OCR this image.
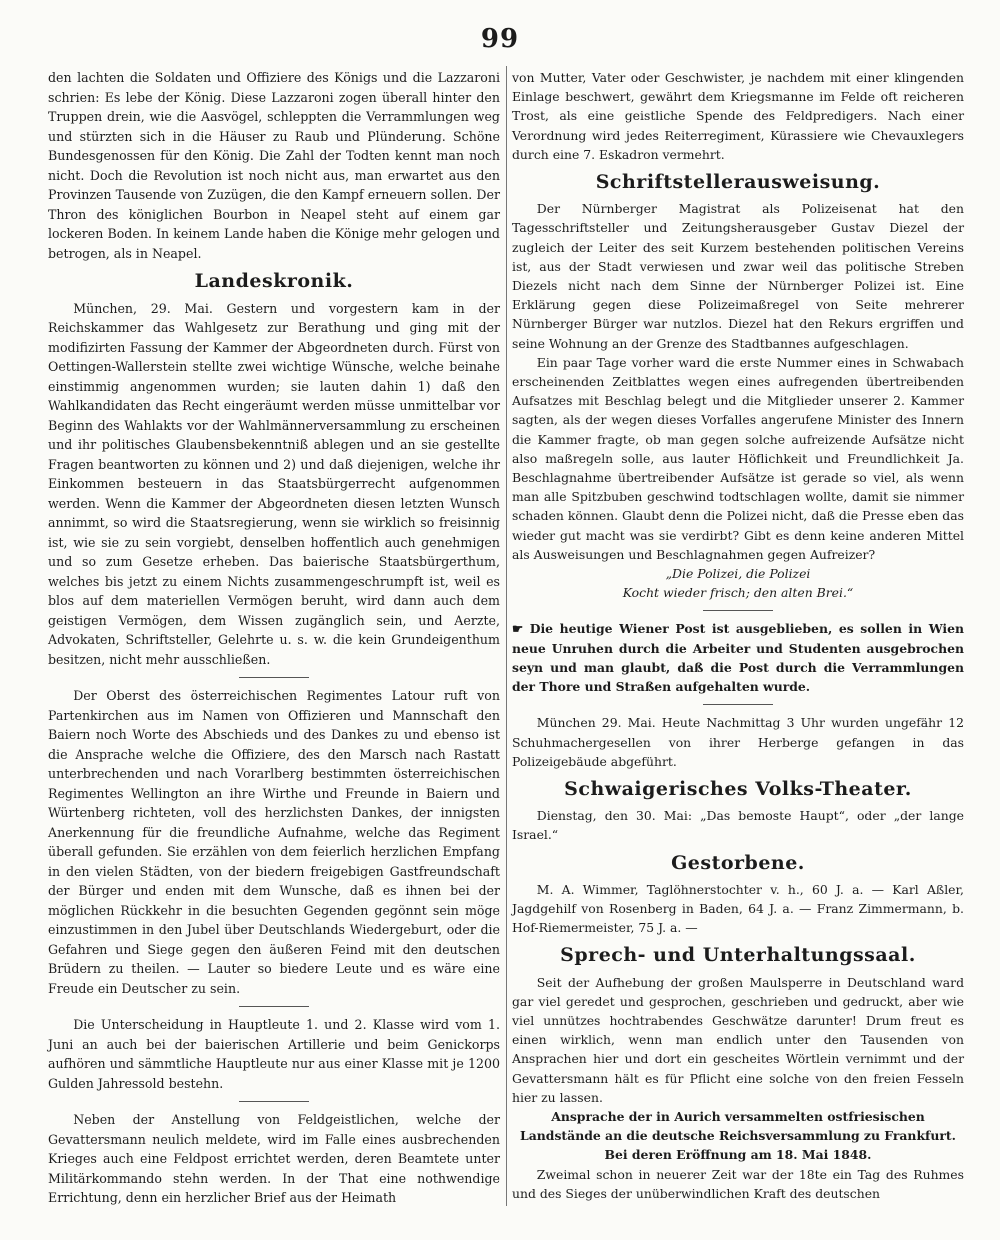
99

den lachten die Soldaten und Offiziere des Königs und die Lazzaroni schrien: Es lebe der König. Diese Lazzaroni zogen überall hinter den Truppen drein, wie die Aasvögel, schleppten die Verrammlungen weg und stürzten sich in die Häuser zu Raub und Plünderung. Schöne Bundesgenossen für den König. Die Zahl der Todten kennt man noch nicht. Doch die Revolution ist noch nicht aus, man erwartet aus den Provinzen Tausende von Zuzügen, die den Kampf erneuern sollen. Der Thron des königlichen Bourbon in Neapel steht auf einem gar lockeren Boden. In keinem Lande haben die Könige mehr gelogen und betrogen, als in Neapel.

Landeskronik.

München, 29. Mai. Gestern und vorgestern kam in der Reichskammer das Wahlgesetz zur Berathung und ging mit der modifizirten Fassung der Kammer der Abgeordneten durch. Fürst von Oettingen-Wallerstein stellte zwei wichtige Wünsche, welche beinahe einstimmig angenommen wurden; sie lauten dahin 1) daß den Wahlkandidaten das Recht eingeräumt werden müsse unmittelbar vor Beginn des Wahlakts vor der Wahlmännerversammlung zu erscheinen und ihr politisches Glaubensbekenntniß ablegen und an sie gestellte Fragen beantworten zu können und 2) und daß diejenigen, welche ihr Einkommen besteuern in das Staatsbürgerrecht aufgenommen werden. Wenn die Kammer der Abgeordneten diesen letzten Wunsch annimmt, so wird die Staatsregierung, wenn sie wirklich so freisinnig ist, wie sie zu sein vorgiebt, denselben hoffentlich auch genehmigen und so zum Gesetze erheben. Das baierische Staatsbürgerthum, welches bis jetzt zu einem Nichts zusammengeschrumpft ist, weil es blos auf dem materiellen Vermögen beruht, wird dann auch dem geistigen Vermögen, dem Wissen zugänglich sein, und Aerzte, Advokaten, Schriftsteller, Gelehrte u. s. w. die kein Grundeigenthum besitzen, nicht mehr ausschließen.

Der Oberst des österreichischen Regimentes Latour ruft von Partenkirchen aus im Namen von Offizieren und Mannschaft den Baiern noch Worte des Abschieds und des Dankes zu und ebenso ist die Ansprache welche die Offiziere, des den Marsch nach Rastatt unterbrechenden und nach Vorarlberg bestimmten österreichischen Regimentes Wellington an ihre Wirthe und Freunde in Baiern und Würtenberg richteten, voll des herzlichsten Dankes, der innigsten Anerkennung für die freundliche Aufnahme, welche das Regiment überall gefunden. Sie erzählen von dem feierlich herzlichen Empfang in den vielen Städten, von der biedern freigebigen Gastfreundschaft der Bürger und enden mit dem Wunsche, daß es ihnen bei der möglichen Rückkehr in die besuchten Gegenden gegönnt sein möge einzustimmen in den Jubel über Deutschlands Wiedergeburt, oder die Gefahren und Siege gegen den äußeren Feind mit den deutschen Brüdern zu theilen. — Lauter so biedere Leute und es wäre eine Freude ein Deutscher zu sein.

Die Unterscheidung in Hauptleute 1. und 2. Klasse wird vom 1. Juni an auch bei der baierischen Artillerie und beim Genickorps aufhören und sämmtliche Hauptleute nur aus einer Klasse mit je 1200 Gulden Jahressold bestehn.

Neben der Anstellung von Feldgeistlichen, welche der Gevattersmann neulich meldete, wird im Falle eines ausbrechenden Krieges auch eine Feldpost errichtet werden, deren Beamtete unter Militärkommando stehn werden. In der That eine nothwendige Errichtung, denn ein herzlicher Brief aus der Heimath

von Mutter, Vater oder Geschwister, je nachdem mit einer klingenden Einlage beschwert, gewährt dem Kriegsmanne im Felde oft reicheren Trost, als eine geistliche Spende des Feldpredigers. Nach einer Verordnung wird jedes Reiterregiment, Kürassiere wie Chevauxlegers durch eine 7. Eskadron vermehrt.

Schriftstellerausweisung.

Der Nürnberger Magistrat als Polizeisenat hat den Tagesschriftsteller und Zeitungsherausgeber Gustav Diezel der zugleich der Leiter des seit Kurzem bestehenden politischen Vereins ist, aus der Stadt verwiesen und zwar weil das politische Streben Diezels nicht nach dem Sinne der Nürnberger Polizei ist. Eine Erklärung gegen diese Polizeimaßregel von Seite mehrerer Nürnberger Bürger war nutzlos. Diezel hat den Rekurs ergriffen und seine Wohnung an der Grenze des Stadtbannes aufgeschlagen.

Ein paar Tage vorher ward die erste Nummer eines in Schwabach erscheinenden Zeitblattes wegen eines aufregenden übertreibenden Aufsatzes mit Beschlag belegt und die Mitglieder unserer 2. Kammer sagten, als der wegen dieses Vorfalles angerufene Minister des Innern die Kammer fragte, ob man gegen solche aufreizende Aufsätze nicht also maßregeln solle, aus lauter Höflichkeit und Freundlichkeit Ja. Beschlagnahme übertreibender Aufsätze ist gerade so viel, als wenn man alle Spitzbuben geschwind todtschlagen wollte, damit sie nimmer schaden können. Glaubt denn die Polizei nicht, daß die Presse eben das wieder gut macht was sie verdirbt? Gibt es denn keine anderen Mittel als Ausweisungen und Beschlagnahmen gegen Aufreizer?

„Die Polizei, die Polizei

Kocht wieder frisch; den alten Brei.“

☛ Die heutige Wiener Post ist ausgeblieben, es sollen in Wien neue Unruhen durch die Arbeiter und Studenten ausgebrochen seyn und man glaubt, daß die Post durch die Verrammlungen der Thore und Straßen aufgehalten wurde.

München 29. Mai. Heute Nachmittag 3 Uhr wurden ungefähr 12 Schuhmachergesellen von ihrer Herberge gefangen in das Polizeigebäude abgeführt.

Schwaigerisches Volks-Theater.

Dienstag, den 30. Mai: „Das bemoste Haupt“, oder „der lange Israel.“

Gestorbene.

M. A. Wimmer, Taglöhnerstochter v. h., 60 J. a. — Karl Aßler, Jagdgehilf von Rosenberg in Baden, 64 J. a. — Franz Zimmermann, b. Hof-Riemermeister, 75 J. a. —

Sprech- und Unterhaltungssaal.

Seit der Aufhebung der großen Maulsperre in Deutschland ward gar viel geredet und gesprochen, geschrieben und gedruckt, aber wie viel unnützes hochtrabendes Geschwätze darunter! Drum freut es einen wirklich, wenn man endlich unter den Tausenden von Ansprachen hier und dort ein gescheites Wörtlein vernimmt und der Gevattersmann hält es für Pflicht eine solche von den freien Fesseln hier zu lassen.

Ansprache der in Aurich versammelten ostfriesischen Landstände an die deutsche Reichsversammlung zu Frankfurt. Bei deren Eröffnung am 18. Mai 1848.

Zweimal schon in neuerer Zeit war der 18te ein Tag des Ruhmes und des Sieges der unüberwindlichen Kraft des deutschen
